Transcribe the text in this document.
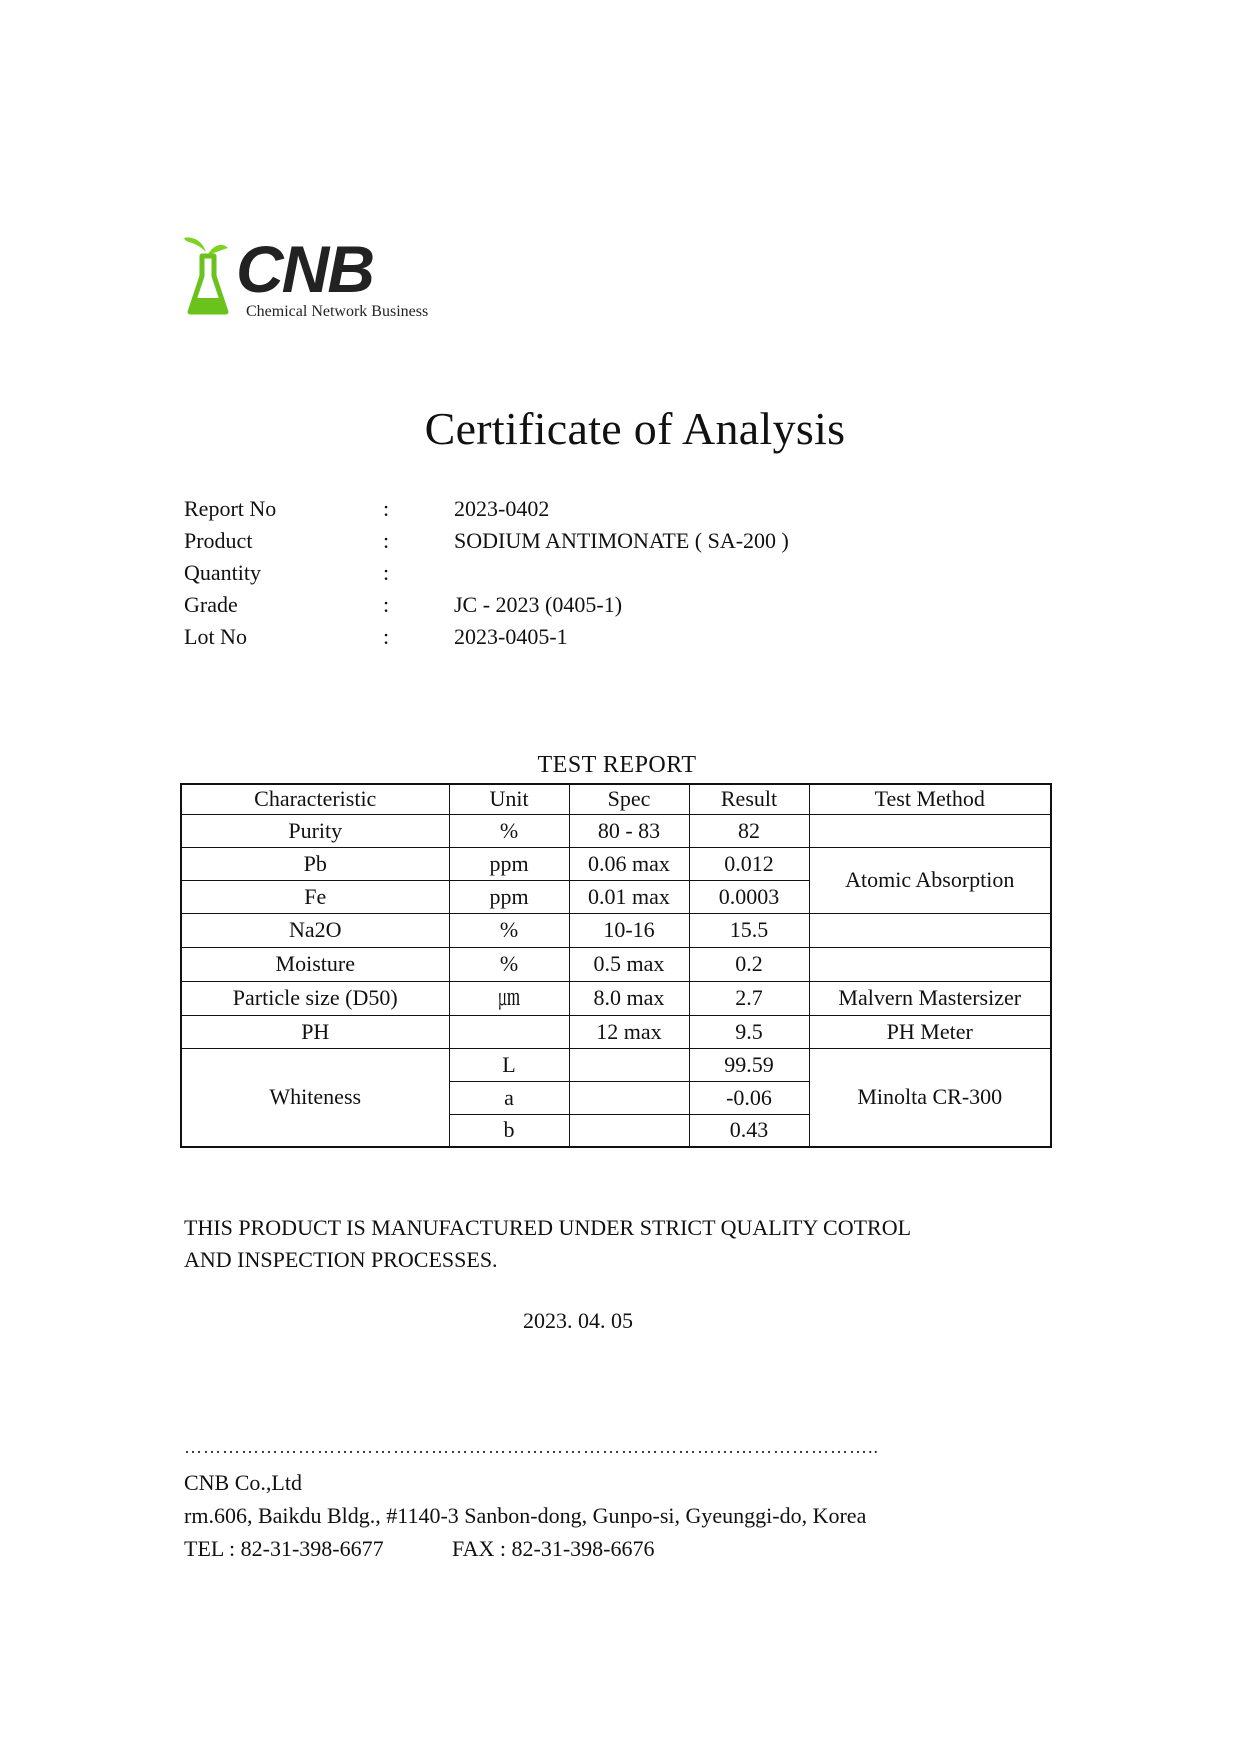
CNB
Chemical Network Business
Certificate of Analysis
Report No	:	2023-0402
Product	:	SODIUM ANTIMONATE ( SA-200 )
Quantity	:
Grade	:	JC - 2023 (0405-1)
Lot No	:	2023-0405-1
TEST REPORT
Characteristic	Unit	Spec	Result	Test Method
Purity	%	80 - 83	82	
Pb	ppm	0.06 max	0.012	Atomic Absorption
Fe	ppm	0.01 max	0.0003	
Na2O	%	10-16	15.5	
Moisture	%	0.5 max	0.2	
Particle size (D50)	㎛	8.0 max	2.7	Malvern Mastersizer
PH		12 max	9.5	PH Meter
Whiteness	L		99.59	Minolta CR-300
	a		-0.06	
	b		0.43	
THIS PRODUCT IS MANUFACTURED UNDER STRICT QUALITY COTROL
AND INSPECTION PROCESSES.
2023. 04. 05
………………………………………………………………………………………………..
CNB Co.,Ltd
rm.606, Baikdu Bldg., #1140-3 Sanbon-dong, Gunpo-si, Gyeunggi-do, Korea
TEL : 82-31-398-6677	FAX : 82-31-398-6676
